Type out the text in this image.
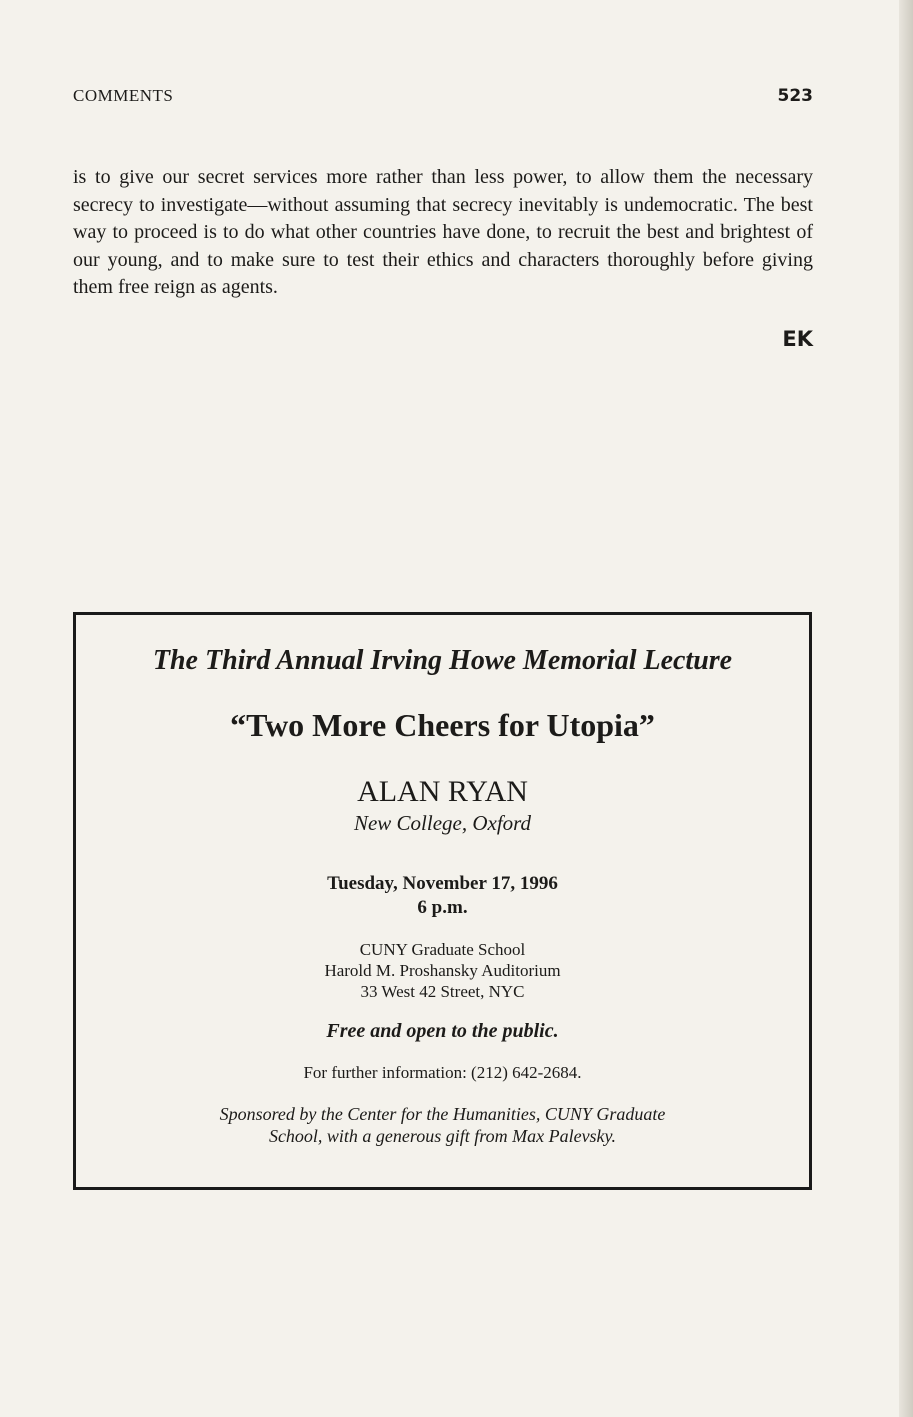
COMMENTS	523

is to give our secret services more rather than less power, to allow them the necessary secrecy to investigate—without assuming that secrecy inevitably is undemocratic. The best way to proceed is to do what other countries have done, to recruit the best and brightest of our young, and to make sure to test their ethics and characters thoroughly before giving them free reign as agents.

EK
The Third Annual Irving Howe Memorial Lecture
“Two More Cheers for Utopia”
ALAN RYAN
New College, Oxford
Tuesday, November 17, 1996
6 p.m.
CUNY Graduate School
Harold M. Proshansky Auditorium
33 West 42 Street, NYC
Free and open to the public.
For further information: (212) 642-2684.
Sponsored by the Center for the Humanities, CUNY Graduate
School, with a generous gift from Max Palevsky.
